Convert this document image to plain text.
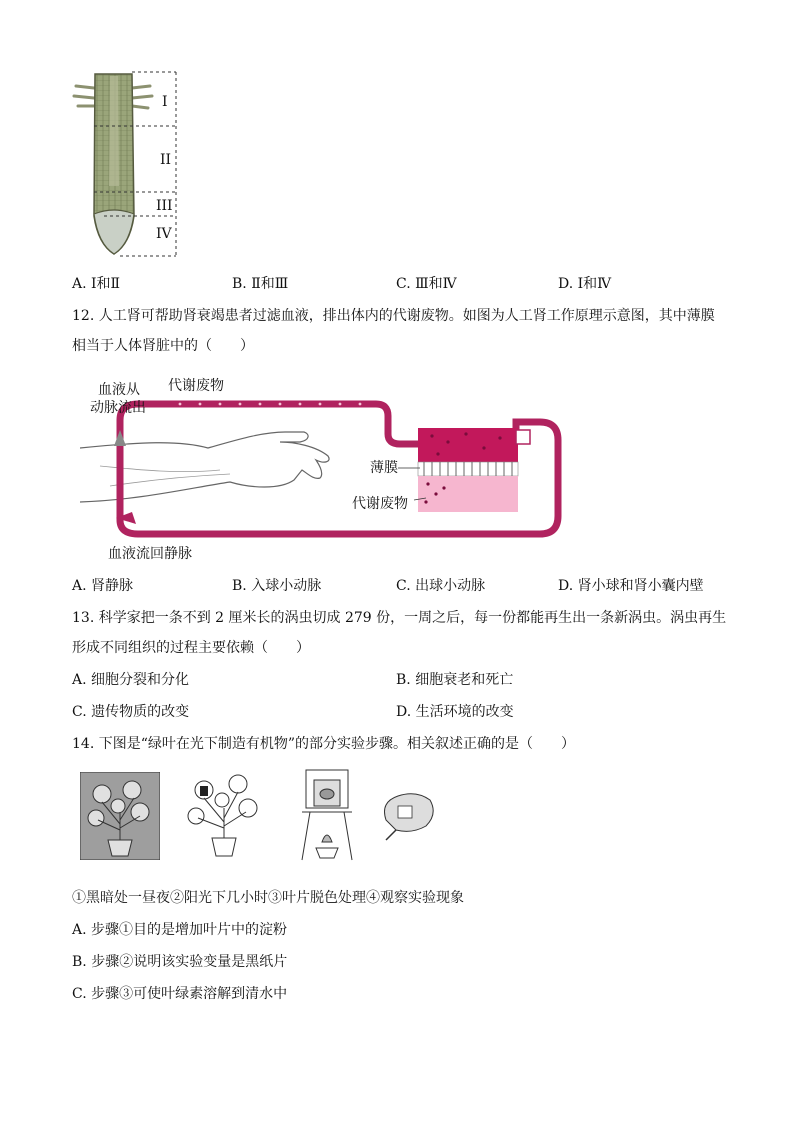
I
II
III
IV
A. I和Ⅱ	B. Ⅱ和Ⅲ	C. Ⅲ和Ⅳ	D. I和Ⅳ
12. 人工肾可帮助肾衰竭患者过滤血液，排出体内的代谢废物。如图为人工肾工作原理示意图，其中薄膜
相当于人体肾脏中的（　　）
血液从
动脉流出
代谢废物
薄膜
代谢废物
血液流回静脉
A. 肾静脉	B. 入球小动脉	C. 出球小动脉	D. 肾小球和肾小囊内壁
13. 科学家把一条不到 2 厘米长的涡虫切成 279 份，一周之后，每一份都能再生出一条新涡虫。涡虫再生
形成不同组织的过程主要依赖（　　）
A. 细胞分裂和分化	B. 细胞衰老和死亡
C. 遗传物质的改变	D. 生活环境的改变
14. 下图是“绿叶在光下制造有机物”的部分实验步骤。相关叙述正确的是（　　）
①黑暗处一昼夜②阳光下几小时③叶片脱色处理④观察实验现象
A. 步骤①目的是增加叶片中的淀粉
B. 步骤②说明该实验变量是黑纸片
C. 步骤③可使叶绿素溶解到清水中
